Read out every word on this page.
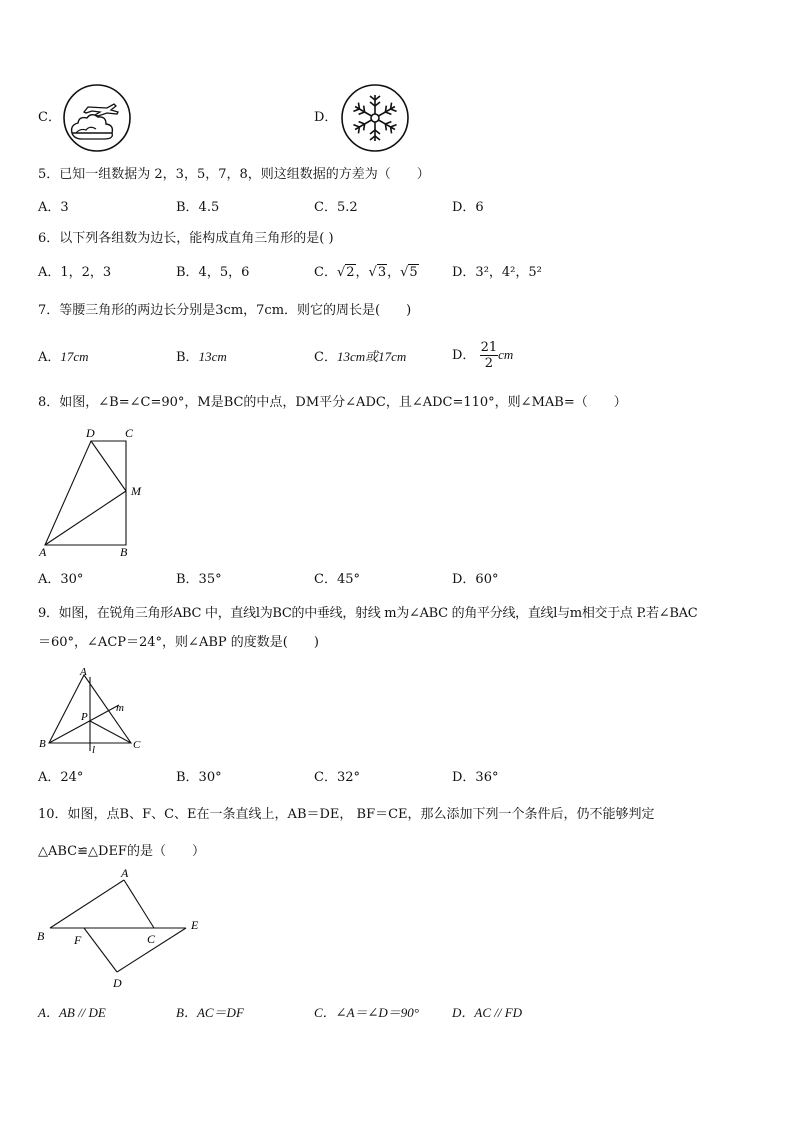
C．	D．
5．已知一组数据为 2，3，5，7，8，则这组数据的方差为（　　）
A．3	B．4.5	C．5.2	D．6
6．以下列各组数为边长，能构成直角三角形的是( )
A．1，2，3	B．4，5，6	C．√2，√3，√5	D．3²，4²，5²
7．等腰三角形的两边长分别是3cm，7cm．则它的周长是(　　)
A．17cm	B．13cm	C．13cm或17cm	D． $\frac{21}{2}$ cm
8．如图，∠B=∠C=90°，M是BC的中点，DM平分∠ADC，且∠ADC=110°，则∠MAB=（　　）
A	B
C
D
M
A．30°	B．35°	C．45°	D．60°
9．如图，在锐角三角形ABC 中，直线l为BC的中垂线，射线 m为∠ABC 的角平分线，直线l与m相交于点 P.若∠BAC
＝60°，∠ACP＝24°，则∠ABP 的度数是(　　)
A
B	C
P
m
l
A．24°	B．30°	C．32°	D．36°
10．如图，点B、F、C、E在一条直线上，AB＝DE， BF＝CE，那么添加下列一个条件后，仍不能够判定
△ABC≌△DEF的是（　　）
A
B F	C
E
D
A．AB // DE	B．AC＝DF	C．∠A＝∠D＝90°	D．AC // FD
